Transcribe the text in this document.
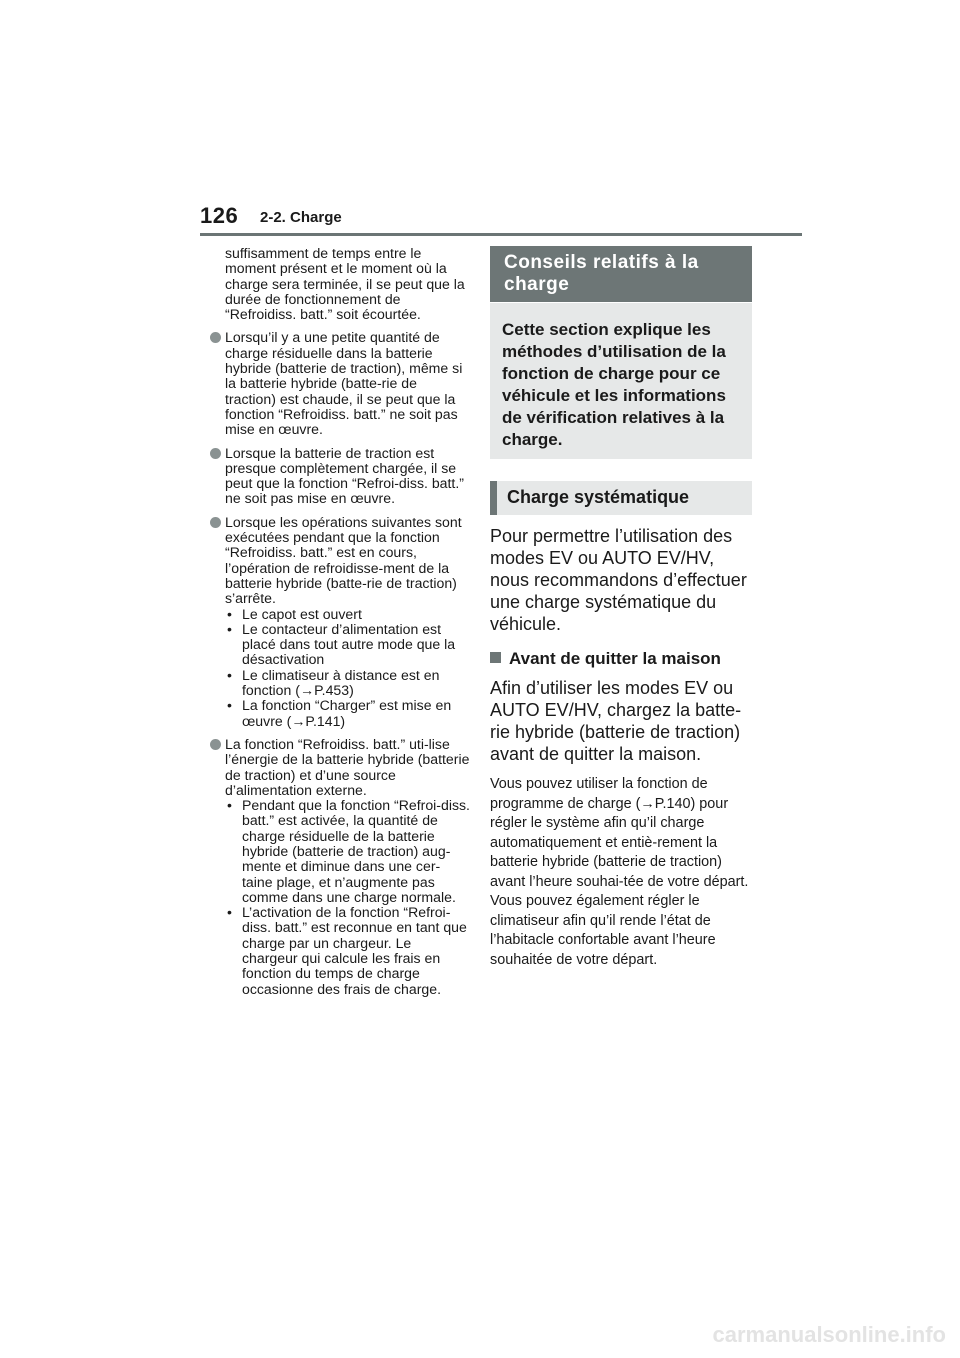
126 2-2. Charge

suffisamment de temps entre le moment présent et le moment où la charge sera terminée, il se peut que la durée de fonctionnement de “Refroidiss. batt.” soit écourtée.

Lorsqu’il y a une petite quantité de charge résiduelle dans la batterie hybride (batterie de traction), même si la batterie hybride (batte-rie de traction) est chaude, il se peut que la fonction “Refroidiss. batt.” ne soit pas mise en œuvre.

Lorsque la batterie de traction est presque complètement chargée, il se peut que la fonction “Refroi-diss. batt.” ne soit pas mise en œuvre.

Lorsque les opérations suivantes sont exécutées pendant que la fonction “Refroidiss. batt.” est en cours, l’opération de refroidisse-ment de la batterie hybride (batte-rie de traction) s’arrête.

• Le capot est ouvert
• Le contacteur d’alimentation est placé dans tout autre mode que la désactivation
• Le climatiseur à distance est en fonction (→P.453)
• La fonction “Charger” est mise en œuvre (→P.141)

La fonction “Refroidiss. batt.” uti-lise l’énergie de la batterie hybride (batterie de traction) et d’une source d’alimentation externe.

• Pendant que la fonction “Refroi-diss. batt.” est activée, la quantité de charge résiduelle de la batterie hybride (batterie de traction) aug-mente et diminue dans une cer-taine plage, et n’augmente pas comme dans une charge normale.
• L’activation de la fonction “Refroi-diss. batt.” est reconnue en tant que charge par un chargeur. Le chargeur qui calcule les frais en fonction du temps de charge occasionne des frais de charge.
Conseils relatifs à la charge
Cette section explique les méthodes d’utilisation de la fonction de charge pour ce véhicule et les informations de vérification relatives à la charge.
Charge systématique

Pour permettre l’utilisation des modes EV ou AUTO EV/HV, nous recommandons d’effectuer une charge systématique du véhicule.

Avant de quitter la maison

Afin d’utiliser les modes EV ou AUTO EV/HV, chargez la batte-rie hybride (batterie de traction) avant de quitter la maison.

Vous pouvez utiliser la fonction de programme de charge (→P.140) pour régler le système afin qu’il charge automatiquement et entiè-rement la batterie hybride (batterie de traction) avant l’heure souhai-tée de votre départ. Vous pouvez également régler le climatiseur afin qu’il rende l’état de l’habitacle confortable avant l’heure souhaitée de votre départ.

carmanualsonline.info
